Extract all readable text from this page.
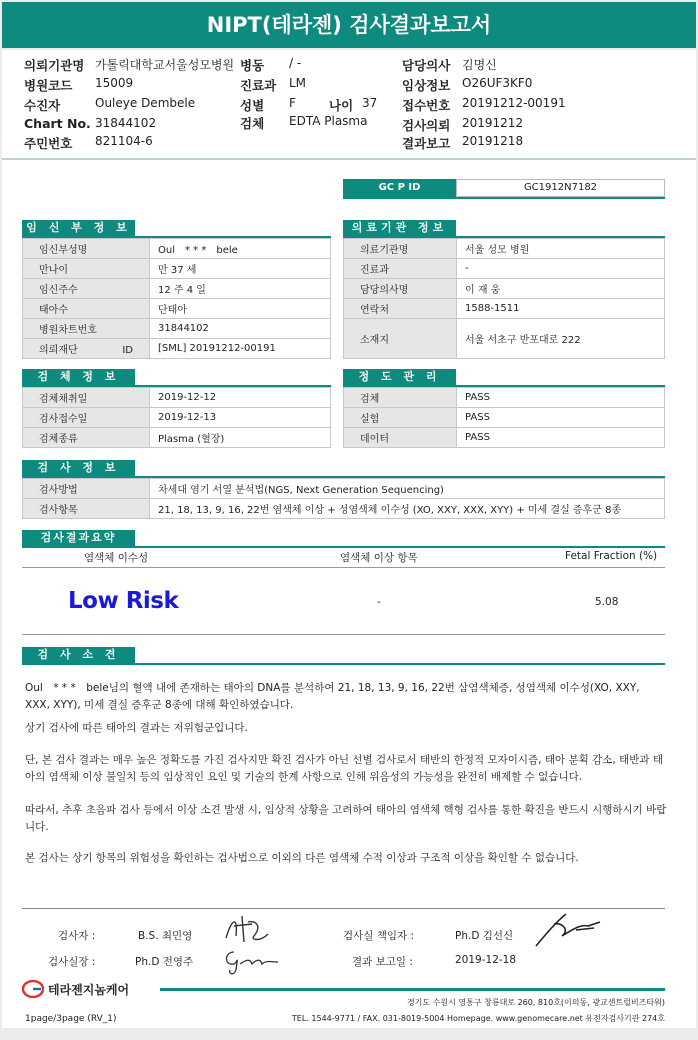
NIPT(테라젠) 검사결과보고서
의뢰기관명 가톨릭대학교서울성모병원 병동 / -	담당의사 김명신
병원코드 15009	진료과 LM	임상정보 O26UF3KF0
수진자	Ouleye Dembele	성별 F	나이 37 접수번호 20191212-00191
Chart No. 31844102	검체 EDTA Plasma	검사의뢰 20191212
주민번호 821104-6	결과보고 20191218
GC P ID	GC1912N7182
임 신 부 정 보
임신부성명	Oul　* * *　bele
만나이	만 37 세
임신주수	12 주 4 일
태아수	단태아
병원차트번호	31844102
의뢰재단 ID	[SML] 20191212-00191
의료기관 정보
의료기관명	서울 성모 병원
진료과	-
담당의사명	이 재 웅
연락처	1588-1511
소재지	서울 서초구 반포대로 222
검 체 정 보
검체채취일	2019-12-12
검사접수일	2019-12-13
검체종류	Plasma (혈장)
정 도 관 리
검체	PASS
실험	PASS
데이터	PASS
검 사 정 보
검사방법	차세대 염기 서열 분석법(NGS, Next Generation Sequencing)
검사항목	21, 18, 13, 9, 16, 22번 염색체 이상 + 성염색체 이수성 (XO, XXY, XXX, XYY) + 미세 결실 증후군 8종
검사결과요약
염색체 이수성	염색체 이상 항목	Fetal Fraction (%)
Low Risk	-	5.08
검 사 소 견
Oul　* * *　bele님의 혈액 내에 존재하는 태아의 DNA를 분석하여 21, 18, 13, 9, 16, 22번 삼염색체증, 성염색체 이수성(XO, XXY, XXX, XYY), 미세 결실 증후군 8종에 대해 확인하였습니다.
상기 검사에 따른 태아의 결과는 저위험군입니다.
단, 본 검사 결과는 매우 높은 정확도를 가진 검사지만 확진 검사가 아닌 선별 검사로서 태반의 한정적 모자이시즘, 태아 분획 감소, 태반과 태아의 염색체 이상 불일치 등의 임상적인 요인 및 기술의 한계 사항으로 인해 위음성의 가능성을 완전히 배제할 수 없습니다.
따라서, 추후 초음파 검사 등에서 이상 소견 발생 시, 임상적 상황을 고려하여 태아의 염색체 핵형 검사를 통한 확진을 반드시 시행하시기 바랍니다.
본 검사는 상기 항목의 위험성을 확인하는 검사법으로 이외의 다른 염색체 수적 이상과 구조적 이상을 확인할 수 없습니다.
검사자 :	B.S. 최민영	검사실 책임자 :	Ph.D 김선신
검사실장 :	Ph.D 전영주	결과 보고일 :	2019-12-18
테라젠지놈케어
경기도 수원시 영통구 창룡대로 260, 810호(이의동, 광교센트럴비즈타워)
TEL. 1544-9771 / FAX. 031-8019-5004 Homepage. www.genomecare.net 유전자검사기관 274호
1page/3page (RV_1)
